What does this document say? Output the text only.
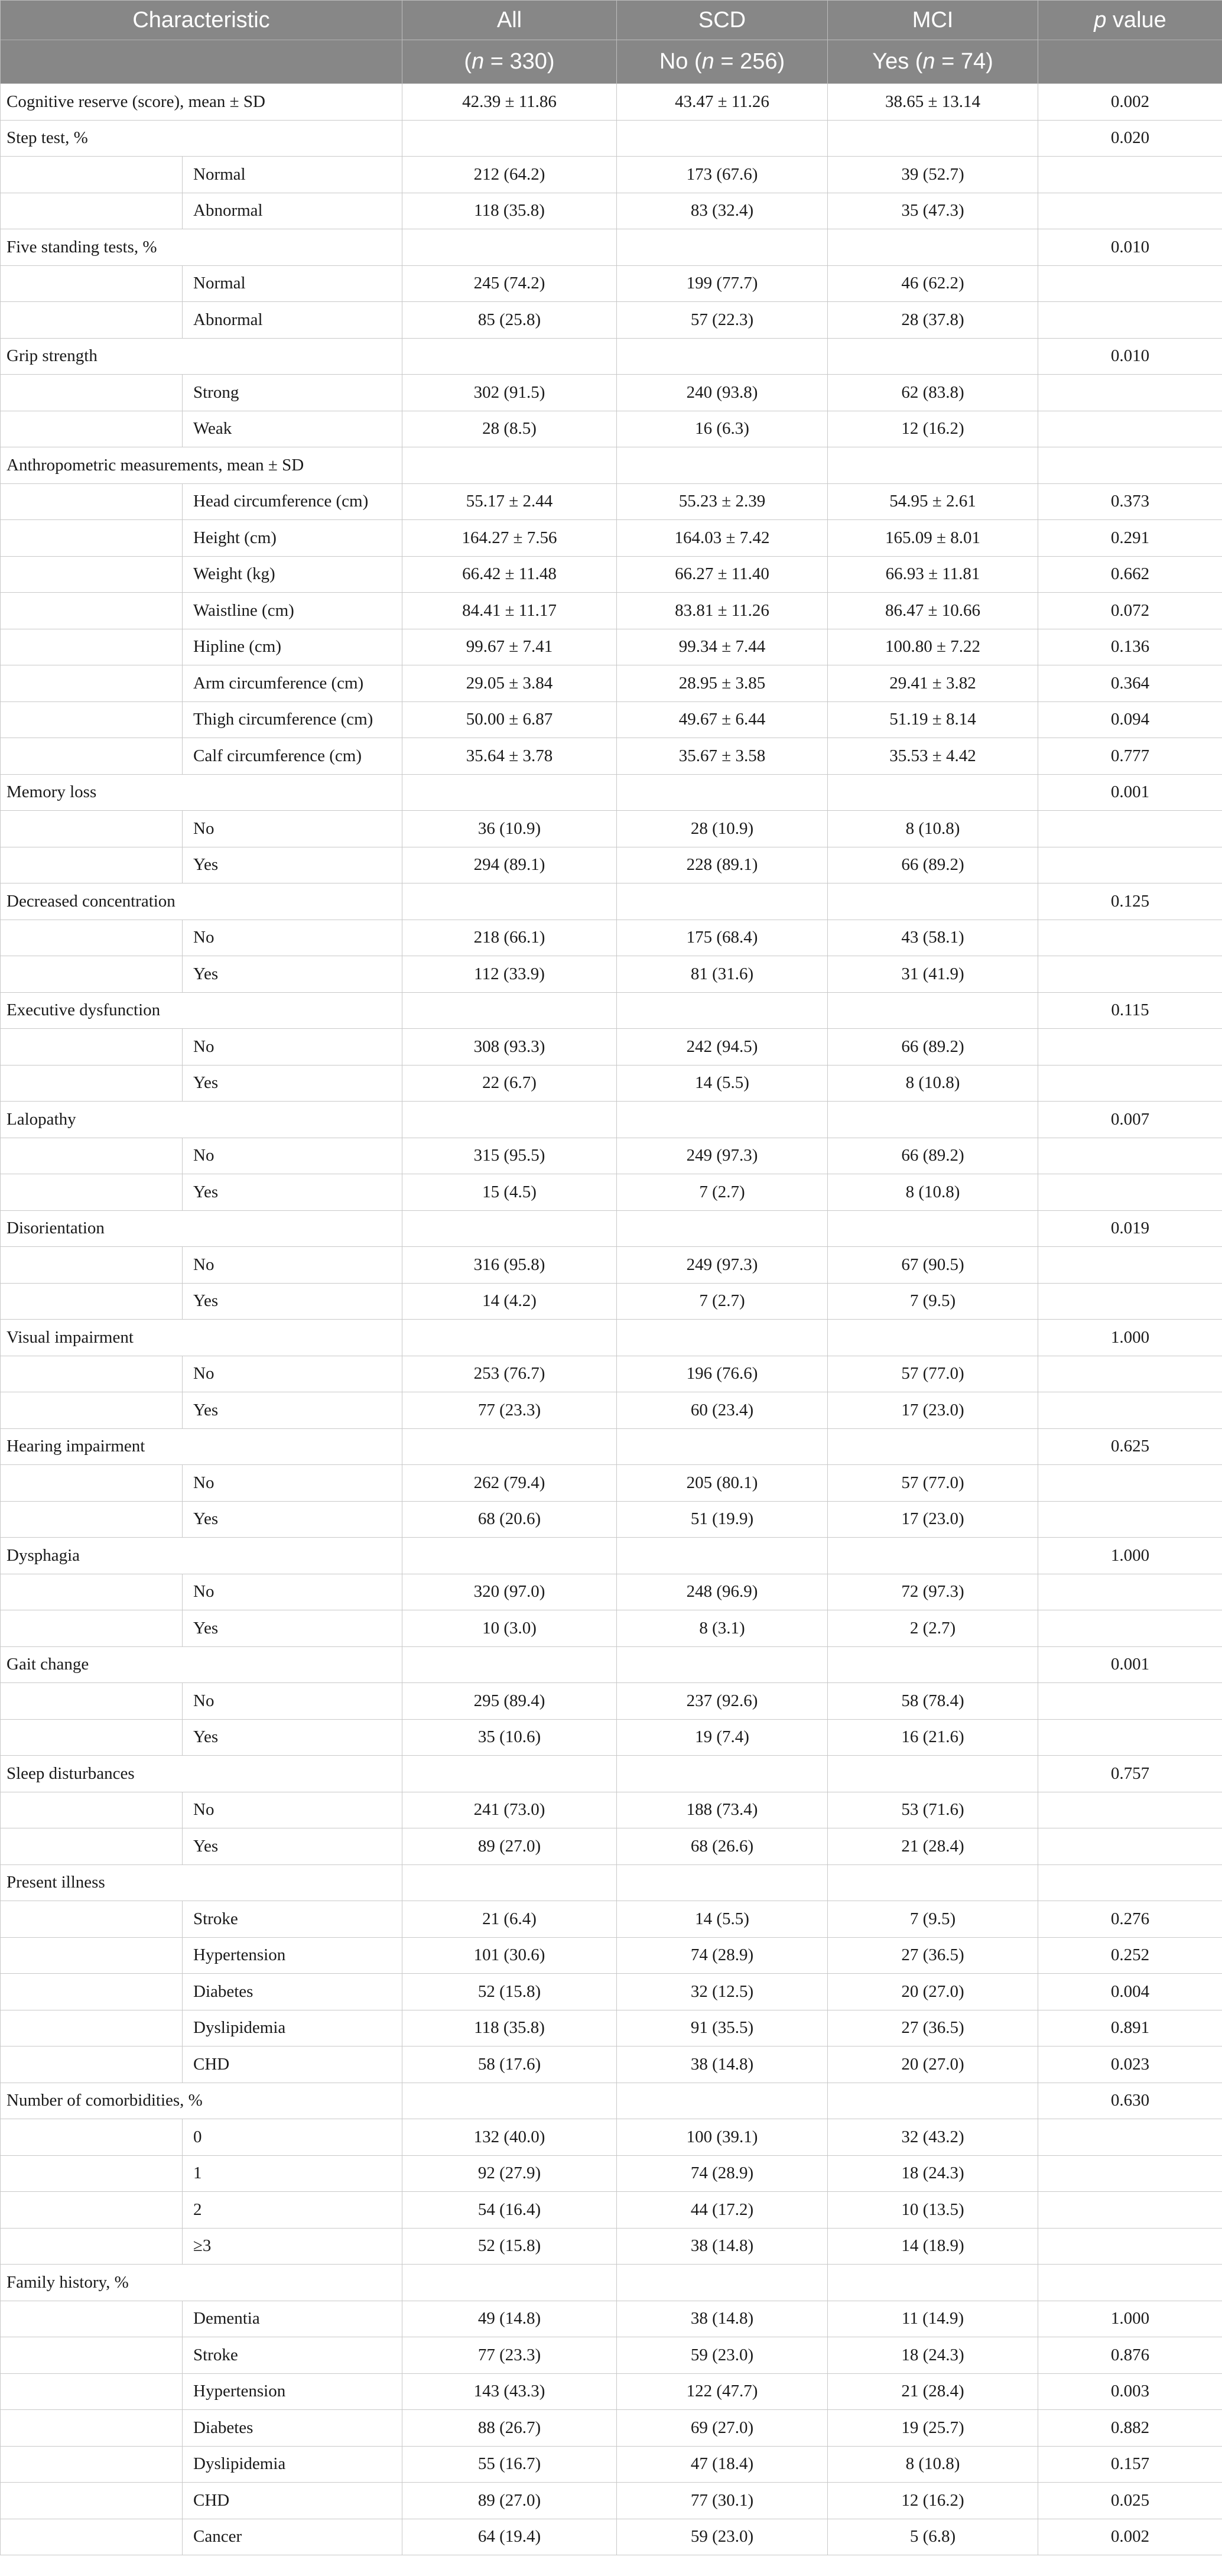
Characteristic		All	SCD	MCI	p value
		(n = 330)	No (n = 256)	Yes (n = 74)	
Cognitive reserve (score), mean ± SD		42.39 ± 11.86	43.47 ± 11.26	38.65 ± 13.14	0.002
Step test, %					0.020
	Normal	212 (64.2)	173 (67.6)	39 (52.7)	
	Abnormal	118 (35.8)	83 (32.4)	35 (47.3)	
Five standing tests, %					0.010
	Normal	245 (74.2)	199 (77.7)	46 (62.2)	
	Abnormal	85 (25.8)	57 (22.3)	28 (37.8)	
Grip strength					0.010
	Strong	302 (91.5)	240 (93.8)	62 (83.8)	
	Weak	28 (8.5)	16 (6.3)	12 (16.2)	
Anthropometric measurements, mean ± SD					
	Head circumference (cm)	55.17 ± 2.44	55.23 ± 2.39	54.95 ± 2.61	0.373
	Height (cm)	164.27 ± 7.56	164.03 ± 7.42	165.09 ± 8.01	0.291
	Weight (kg)	66.42 ± 11.48	66.27 ± 11.40	66.93 ± 11.81	0.662
	Waistline (cm)	84.41 ± 11.17	83.81 ± 11.26	86.47 ± 10.66	0.072
	Hipline (cm)	99.67 ± 7.41	99.34 ± 7.44	100.80 ± 7.22	0.136
	Arm circumference (cm)	29.05 ± 3.84	28.95 ± 3.85	29.41 ± 3.82	0.364
	Thigh circumference (cm)	50.00 ± 6.87	49.67 ± 6.44	51.19 ± 8.14	0.094
	Calf circumference (cm)	35.64 ± 3.78	35.67 ± 3.58	35.53 ± 4.42	0.777
Memory loss					0.001
	No	36 (10.9)	28 (10.9)	8 (10.8)	
	Yes	294 (89.1)	228 (89.1)	66 (89.2)	
Decreased concentration					0.125
	No	218 (66.1)	175 (68.4)	43 (58.1)	
	Yes	112 (33.9)	81 (31.6)	31 (41.9)	
Executive dysfunction					0.115
	No	308 (93.3)	242 (94.5)	66 (89.2)	
	Yes	22 (6.7)	14 (5.5)	8 (10.8)	
Lalopathy					0.007
	No	315 (95.5)	249 (97.3)	66 (89.2)	
	Yes	15 (4.5)	7 (2.7)	8 (10.8)	
Disorientation					0.019
	No	316 (95.8)	249 (97.3)	67 (90.5)	
	Yes	14 (4.2)	7 (2.7)	7 (9.5)	
Visual impairment					1.000
	No	253 (76.7)	196 (76.6)	57 (77.0)	
	Yes	77 (23.3)	60 (23.4)	17 (23.0)	
Hearing impairment					0.625
	No	262 (79.4)	205 (80.1)	57 (77.0)	
	Yes	68 (20.6)	51 (19.9)	17 (23.0)	
Dysphagia					1.000
	No	320 (97.0)	248 (96.9)	72 (97.3)	
	Yes	10 (3.0)	8 (3.1)	2 (2.7)	
Gait change					0.001
	No	295 (89.4)	237 (92.6)	58 (78.4)	
	Yes	35 (10.6)	19 (7.4)	16 (21.6)	
Sleep disturbances					0.757
	No	241 (73.0)	188 (73.4)	53 (71.6)	
	Yes	89 (27.0)	68 (26.6)	21 (28.4)	
Present illness					
	Stroke	21 (6.4)	14 (5.5)	7 (9.5)	0.276
	Hypertension	101 (30.6)	74 (28.9)	27 (36.5)	0.252
	Diabetes	52 (15.8)	32 (12.5)	20 (27.0)	0.004
	Dyslipidemia	118 (35.8)	91 (35.5)	27 (36.5)	0.891
	CHD	58 (17.6)	38 (14.8)	20 (27.0)	0.023
Number of comorbidities, %					0.630
	0	132 (40.0)	100 (39.1)	32 (43.2)	
	1	92 (27.9)	74 (28.9)	18 (24.3)	
	2	54 (16.4)	44 (17.2)	10 (13.5)	
	≥3	52 (15.8)	38 (14.8)	14 (18.9)	
Family history, %					
	Dementia	49 (14.8)	38 (14.8)	11 (14.9)	1.000
	Stroke	77 (23.3)	59 (23.0)	18 (24.3)	0.876
	Hypertension	143 (43.3)	122 (47.7)	21 (28.4)	0.003
	Diabetes	88 (26.7)	69 (27.0)	19 (25.7)	0.882
	Dyslipidemia	55 (16.7)	47 (18.4)	8 (10.8)	0.157
	CHD	89 (27.0)	77 (30.1)	12 (16.2)	0.025
	Cancer	64 (19.4)	59 (23.0)	5 (6.8)	0.002
